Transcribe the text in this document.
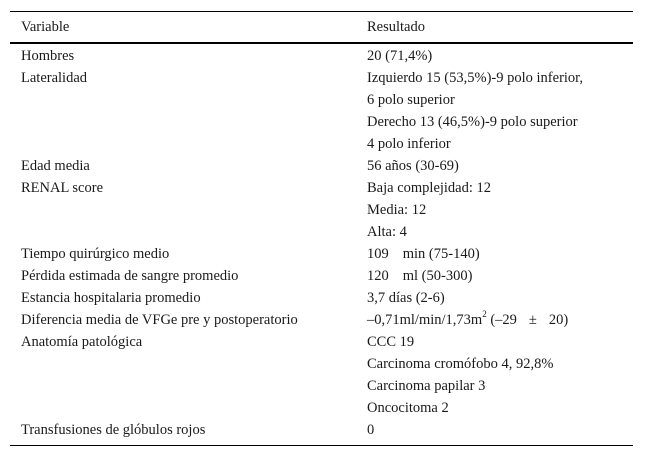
Variable	Resultado
Hombres	20 (71,4%)
Lateralidad	Izquierdo 15 (53,5%)-9 polo inferior,
6 polo superior
Derecho 13 (46,5%)-9 polo superior
4 polo inferior
Edad media	56 años (30-69)
RENAL score	Baja complejidad: 12
Media: 12
Alta: 4
Tiempo quirúrgico medio	109 min (75-140)
Pérdida estimada de sangre promedio	120 ml (50-300)
Estancia hospitalaria promedio	3,7 días (2-6)
Diferencia media de VFGe pre y postoperatorio	$-0,71ml/\min/1,73m^2$ (–29 ± 20)
Anatomía patológica	CCC 19
Carcinoma cromófobo 4, 92,8%
Carcinoma papilar 3
Oncocitoma 2
Transfusiones de glóbulos rojos	0
